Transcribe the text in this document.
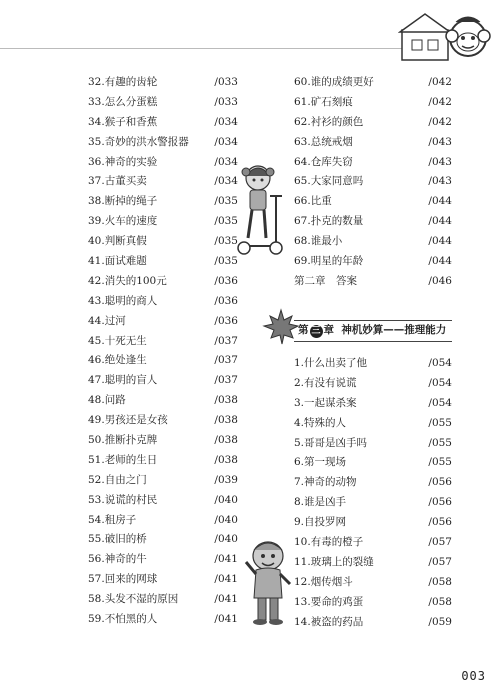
32.有趣的齿轮	/033
33.怎么分蛋糕	/033
34.猴子和香蕉	/034
35.奇妙的洪水警报器 /034
36.神奇的实验	/034
37.古董买卖	/034
38.断掉的绳子	/035
39.火车的速度	/035
40.判断真假	/035
41.面试难题	/035
42.消失的100元	/036
43.聪明的商人	/036
44.过河	/036
45.十死无生	/037
46.绝处逢生	/037
47.聪明的盲人	/037
48.问路	/038
49.男孩还是女孩	/038
50.推断扑克牌	/038
51.老师的生日	/038
52.自由之门	/039
53.说谎的村民	/040
54.租房子	/040
55.破旧的桥	/040
56.神奇的牛	/041
57.回来的网球	/041
58.头发不湿的原因	/041
59.不怕黑的人	/041
60.谁的成绩更好	/042
61.矿石刻痕	/042
62.衬衫的颜色	/042
63.总统戒烟	/043
64.仓库失窃	/043
65.大家同意吗	/043
66.比重	/044
67.扑克的数量	/044
68.谁最小	/044
69.明星的年龄	/044
第二章　答案	/046
第 三 章 神机妙算——推理能力
1.什么出卖了他	/054
2.有没有说谎	/054
3.一起谋杀案	/054
4.特殊的人	/055
5.哥哥是凶手吗	/055
6.第一现场	/055
7.神奇的动物	/056
8.谁是凶手	/056
9.自投罗网	/056
10.有毒的橙子	/057
11.玻璃上的裂缝	/057
12.烟传烟斗	/058
13.要命的鸡蛋	/058
14.被盗的药品	/059
003
